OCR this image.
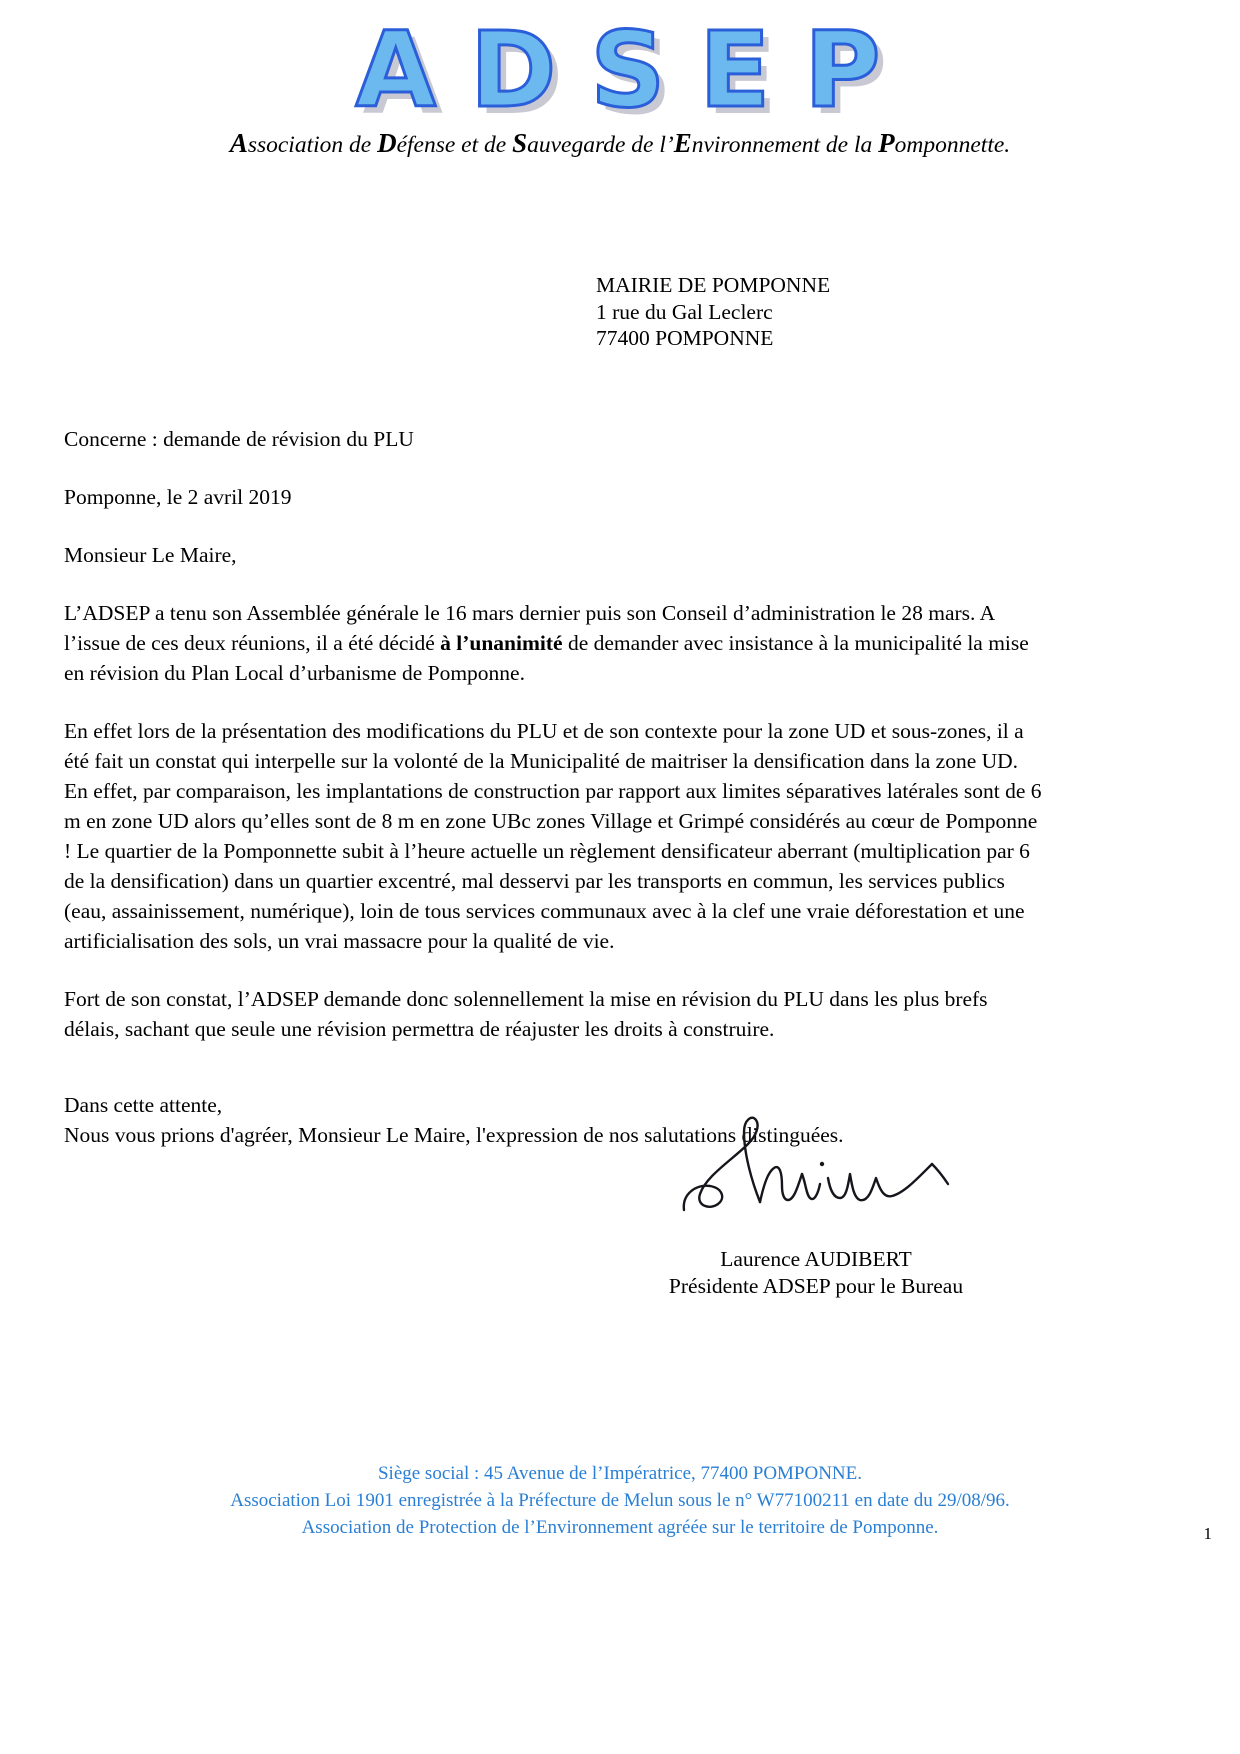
ADSEP
Association de Défense et de Sauvegarde de l’Environnement de la Pomponnette.
MAIRIE DE POMPONNE
1 rue du Gal Leclerc
77400 POMPONNE
Concerne : demande de révision du PLU
Pomponne, le 2 avril 2019
Monsieur Le Maire,

L’ADSEP a tenu son Assemblée générale le 16 mars dernier puis son Conseil d’administration le 28 mars. A l’issue de ces deux réunions, il a été décidé à l’unanimité de demander avec insistance à la municipalité la mise en révision du Plan Local d’urbanisme de Pomponne.

En effet lors de la présentation des modifications du PLU et de son contexte pour la zone UD et sous-zones, il a été fait un constat qui interpelle sur la volonté de la Municipalité de maitriser la densification dans la zone UD. En effet, par comparaison, les implantations de construction par rapport aux limites séparatives latérales sont de 6 m en zone UD alors qu’elles sont de 8 m en zone UBc zones Village et Grimpé considérés au cœur de Pomponne ! Le quartier de la Pomponnette subit à l’heure actuelle un règlement densificateur aberrant (multiplication par 6 de la densification) dans un quartier excentré, mal desservi par les transports en commun, les services publics (eau, assainissement, numérique), loin de tous services communaux avec à la clef une vraie déforestation et une artificialisation des sols, un vrai massacre pour la qualité de vie.

Fort de son constat, l’ADSEP demande donc solennellement la mise en révision du PLU dans les plus brefs délais, sachant que seule une révision permettra de réajuster les droits à construire.

Dans cette attente,
Nous vous prions d'agréer, Monsieur Le Maire, l'expression de nos salutations distinguées.
Laurence AUDIBERT
Présidente ADSEP pour le Bureau
Siège social : 45 Avenue de l’Impératrice, 77400 POMPONNE.
Association Loi 1901 enregistrée à la Préfecture de Melun sous le n° W77100211 en date du 29/08/96.
Association de Protection de l’Environnement agréée sur le territoire de Pomponne.	1
